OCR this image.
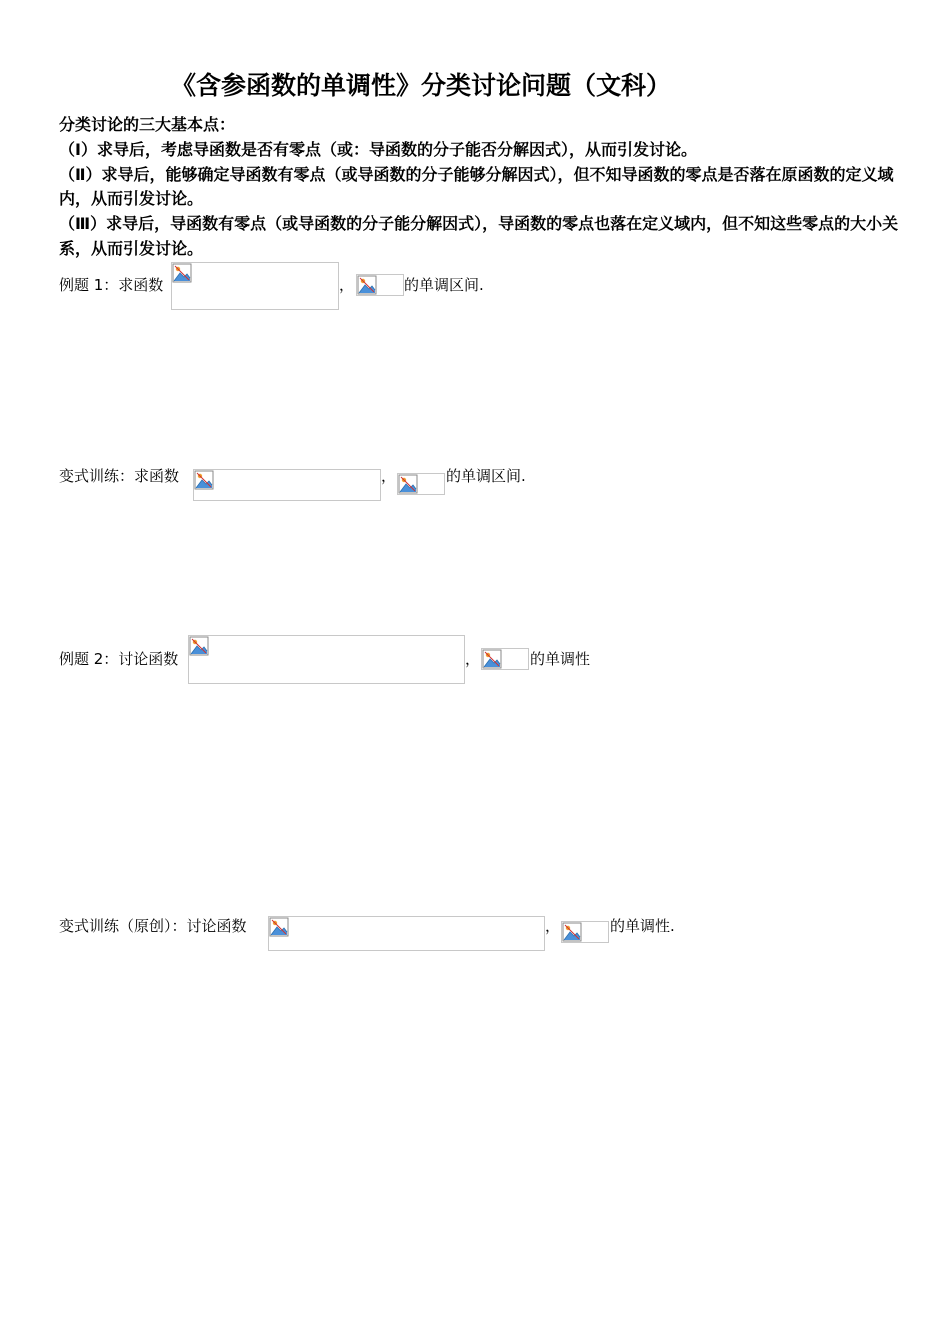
《含参函数的单调性》分类讨论问题（文科）

分类讨论的三大基本点：

（Ⅰ）求导后，考虑导函数是否有零点（或：导函数的分子能否分解因式），从而引发讨论。

（Ⅱ）求导后，能够确定导函数有零点（或导函数的分子能够分解因式），但不知导函数的零点是否落在原函数的定义域内，从而引发讨论。

（Ⅲ）求导后，导函数有零点（或导函数的分子能分解因式），导函数的零点也落在定义域内，但不知这些零点的大小关系，从而引发讨论。

例题 1：求函数	，	的单调区间.
变式训练：求函数	，	的单调区间.
例题 2：讨论函数	，	的单调性
变式训练（原创）：讨论函数	，	的单调性.
